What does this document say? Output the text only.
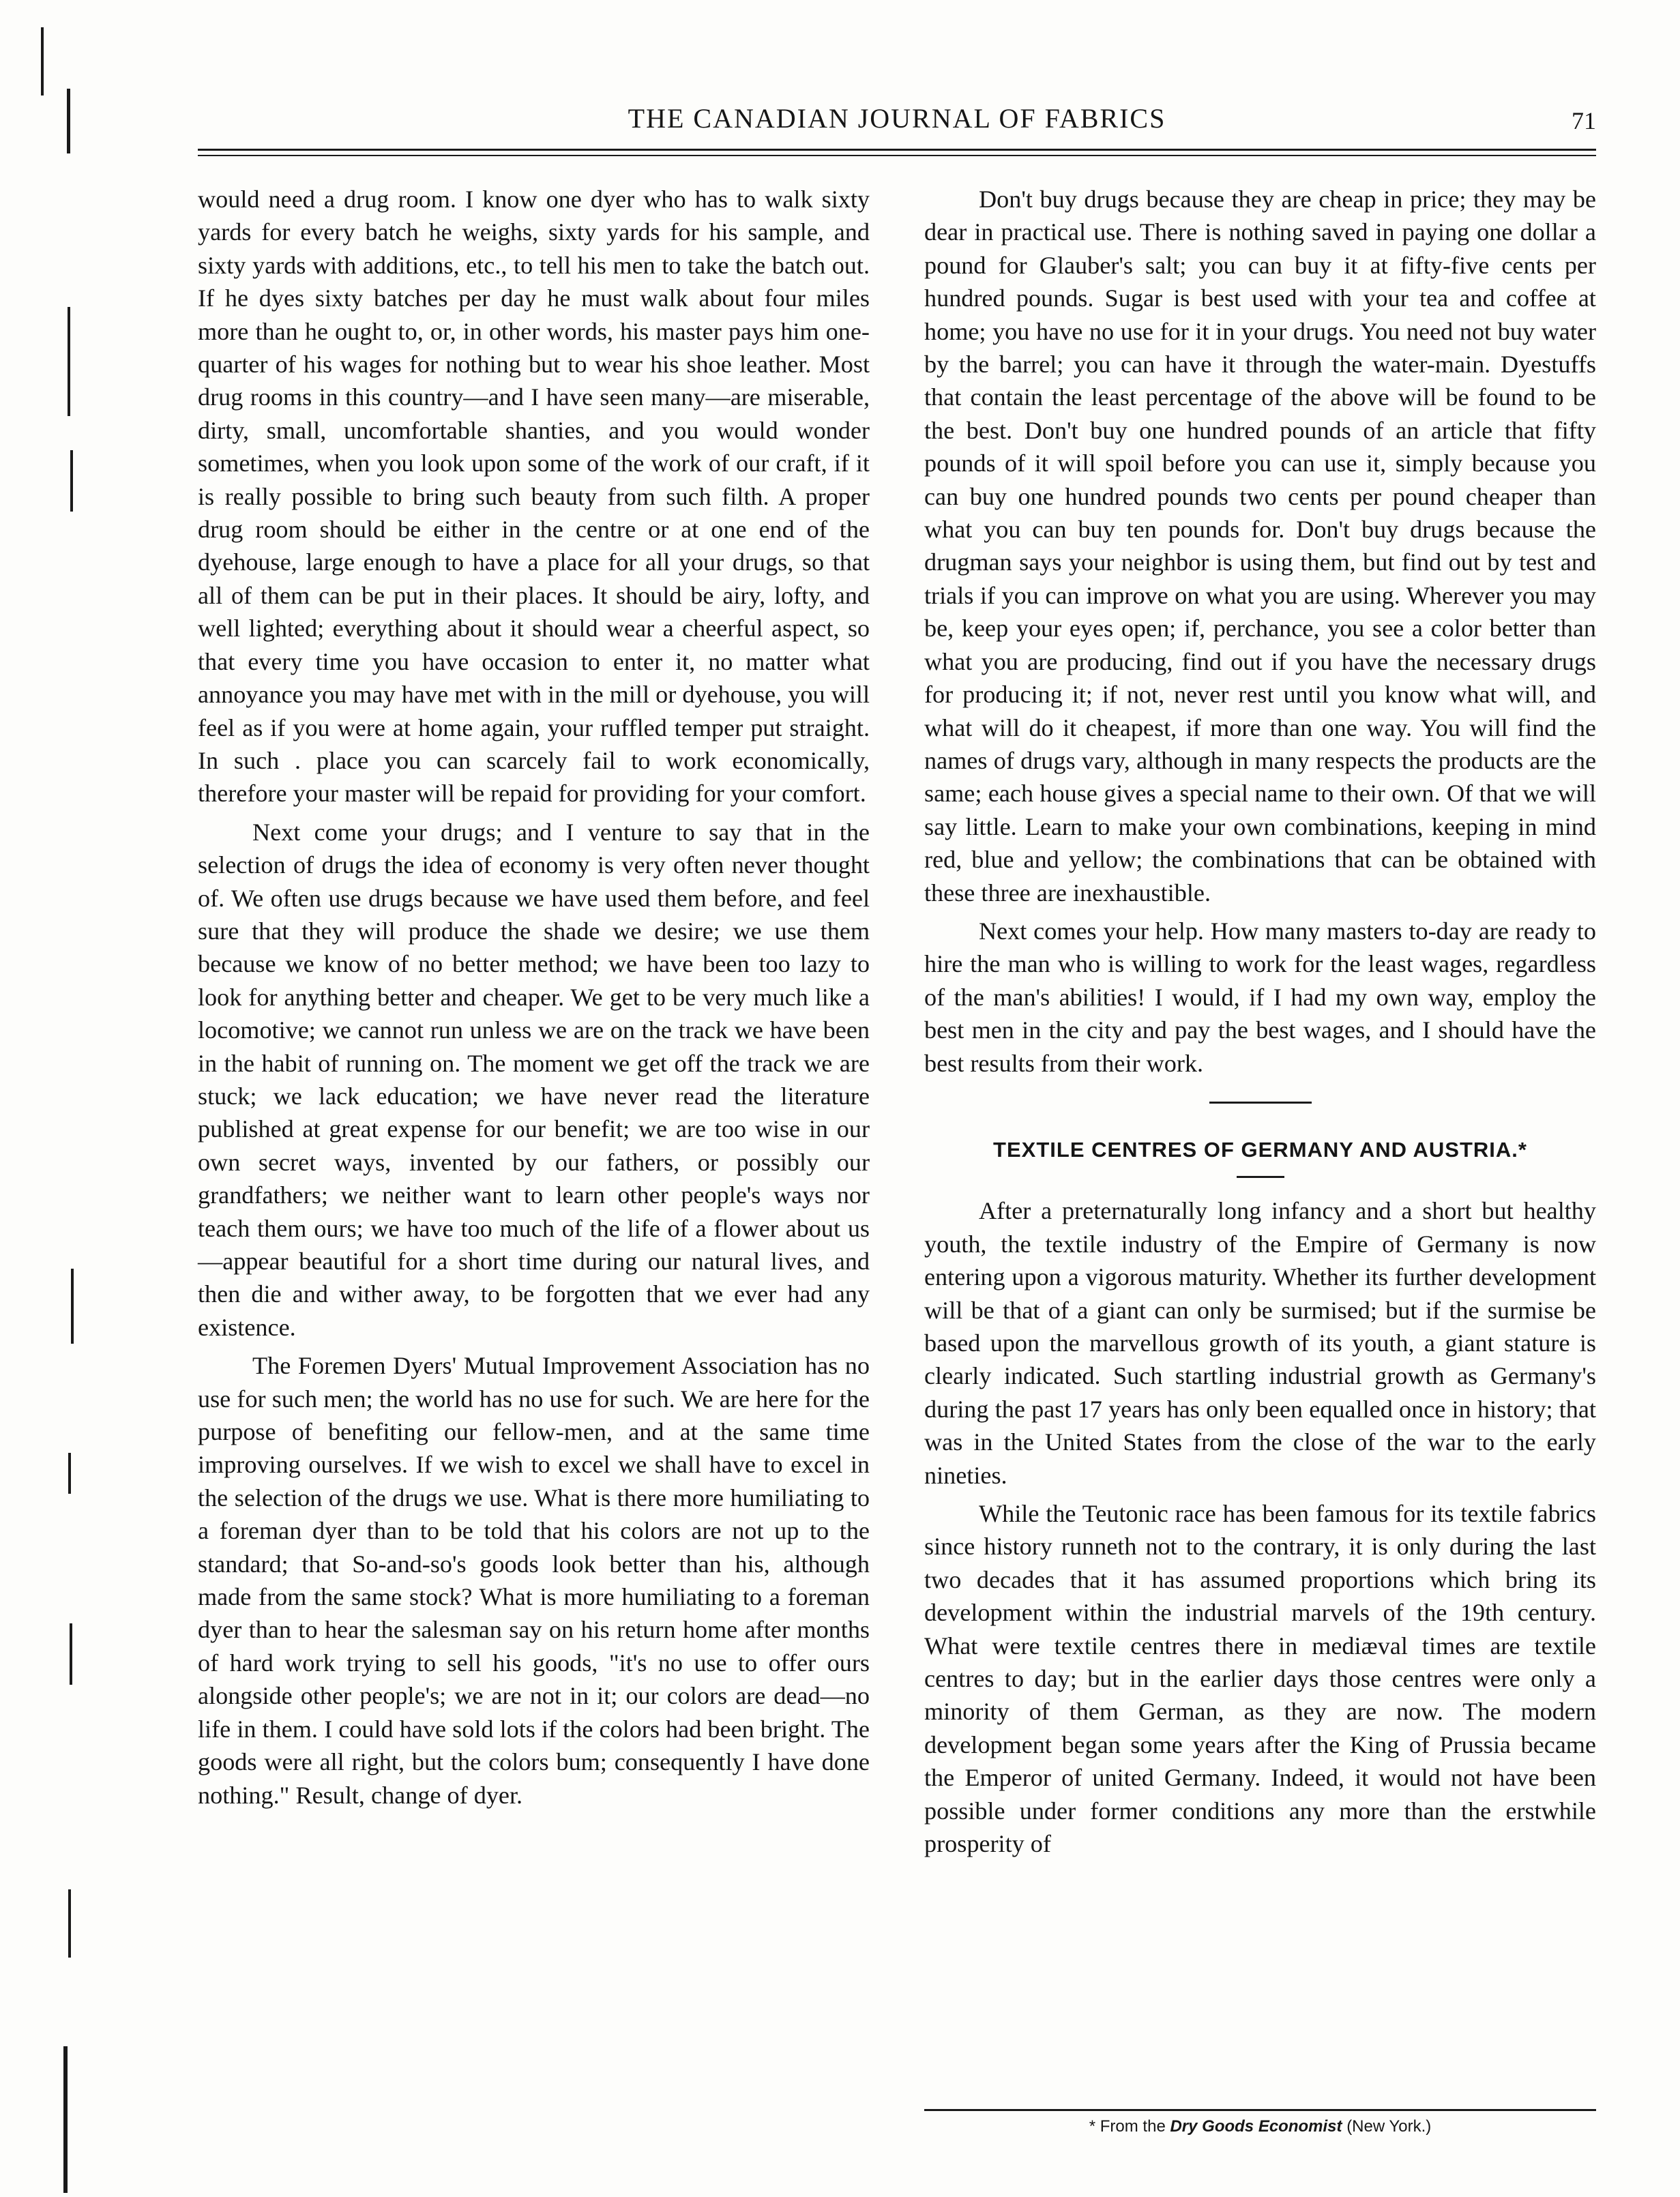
THE CANADIAN JOURNAL OF FABRICS	71

would need a drug room. I know one dyer who has to walk sixty yards for every batch he weighs, sixty yards for his sample, and sixty yards with additions, etc., to tell his men to take the batch out. If he dyes sixty batches per day he must walk about four miles more than he ought to, or, in other words, his master pays him one-quarter of his wages for nothing but to wear his shoe leather. Most drug rooms in this country—and I have seen many—are miserable, dirty, small, uncomfortable shanties, and you would wonder sometimes, when you look upon some of the work of our craft, if it is really possible to bring such beauty from such filth. A proper drug room should be either in the centre or at one end of the dyehouse, large enough to have a place for all your drugs, so that all of them can be put in their places. It should be airy, lofty, and well lighted; everything about it should wear a cheerful aspect, so that every time you have occasion to enter it, no matter what annoyance you may have met with in the mill or dyehouse, you will feel as if you were at home again, your ruffled temper put straight. In such . place you can scarcely fail to work economically, therefore your master will be repaid for providing for your comfort.

Next come your drugs; and I venture to say that in the selection of drugs the idea of economy is very often never thought of. We often use drugs because we have used them before, and feel sure that they will produce the shade we desire; we use them because we know of no better method; we have been too lazy to look for anything better and cheaper. We get to be very much like a locomotive; we cannot run unless we are on the track we have been in the habit of running on. The moment we get off the track we are stuck; we lack education; we have never read the literature published at great expense for our benefit; we are too wise in our own secret ways, invented by our fathers, or possibly our grandfathers; we neither want to learn other people's ways nor teach them ours; we have too much of the life of a flower about us—appear beautiful for a short time during our natural lives, and then die and wither away, to be forgotten that we ever had any existence.

The Foremen Dyers' Mutual Improvement Association has no use for such men; the world has no use for such. We are here for the purpose of benefiting our fellow-men, and at the same time improving ourselves. If we wish to excel we shall have to excel in the selection of the drugs we use. What is there more humiliating to a foreman dyer than to be told that his colors are not up to the standard; that So-and-so's goods look better than his, although made from the same stock? What is more humiliating to a foreman dyer than to hear the salesman say on his return home after months of hard work trying to sell his goods, "it's no use to offer ours alongside other people's; we are not in it; our colors are dead—no life in them. I could have sold lots if the colors had been bright. The goods were all right, but the colors bum; consequently I have done nothing." Result, change of dyer.

Don't buy drugs because they are cheap in price; they may be dear in practical use. There is nothing saved in paying one dollar a pound for Glauber's salt; you can buy it at fifty-five cents per hundred pounds. Sugar is best used with your tea and coffee at home; you have no use for it in your drugs. You need not buy water by the barrel; you can have it through the water-main. Dyestuffs that contain the least percentage of the above will be found to be the best. Don't buy one hundred pounds of an article that fifty pounds of it will spoil before you can use it, simply because you can buy one hundred pounds two cents per pound cheaper than what you can buy ten pounds for. Don't buy drugs because the drugman says your neighbor is using them, but find out by test and trials if you can improve on what you are using. Wherever you may be, keep your eyes open; if, perchance, you see a color better than what you are producing, find out if you have the necessary drugs for producing it; if not, never rest until you know what will, and what will do it cheapest, if more than one way. You will find the names of drugs vary, although in many respects the products are the same; each house gives a special name to their own. Of that we will say little. Learn to make your own combinations, keeping in mind red, blue and yellow; the combinations that can be obtained with these three are inexhaustible.

Next comes your help. How many masters to-day are ready to hire the man who is willing to work for the least wages, regardless of the man's abilities! I would, if I had my own way, employ the best men in the city and pay the best wages, and I should have the best results from their work.

TEXTILE CENTRES OF GERMANY AND AUSTRIA.*

After a preternaturally long infancy and a short but healthy youth, the textile industry of the Empire of Germany is now entering upon a vigorous maturity. Whether its further development will be that of a giant can only be surmised; but if the surmise be based upon the marvellous growth of its youth, a giant stature is clearly indicated. Such startling industrial growth as Germany's during the past 17 years has only been equalled once in history; that was in the United States from the close of the war to the early nineties.

While the Teutonic race has been famous for its textile fabrics since history runneth not to the contrary, it is only during the last two decades that it has assumed proportions which bring its development within the industrial marvels of the 19th century. What were textile centres there in mediæval times are textile centres to day; but in the earlier days those centres were only a minority of them German, as they are now. The modern development began some years after the King of Prussia became the Emperor of united Germany. Indeed, it would not have been possible under former conditions any more than the erstwhile prosperity of

* From the Dry Goods Economist (New York.)
